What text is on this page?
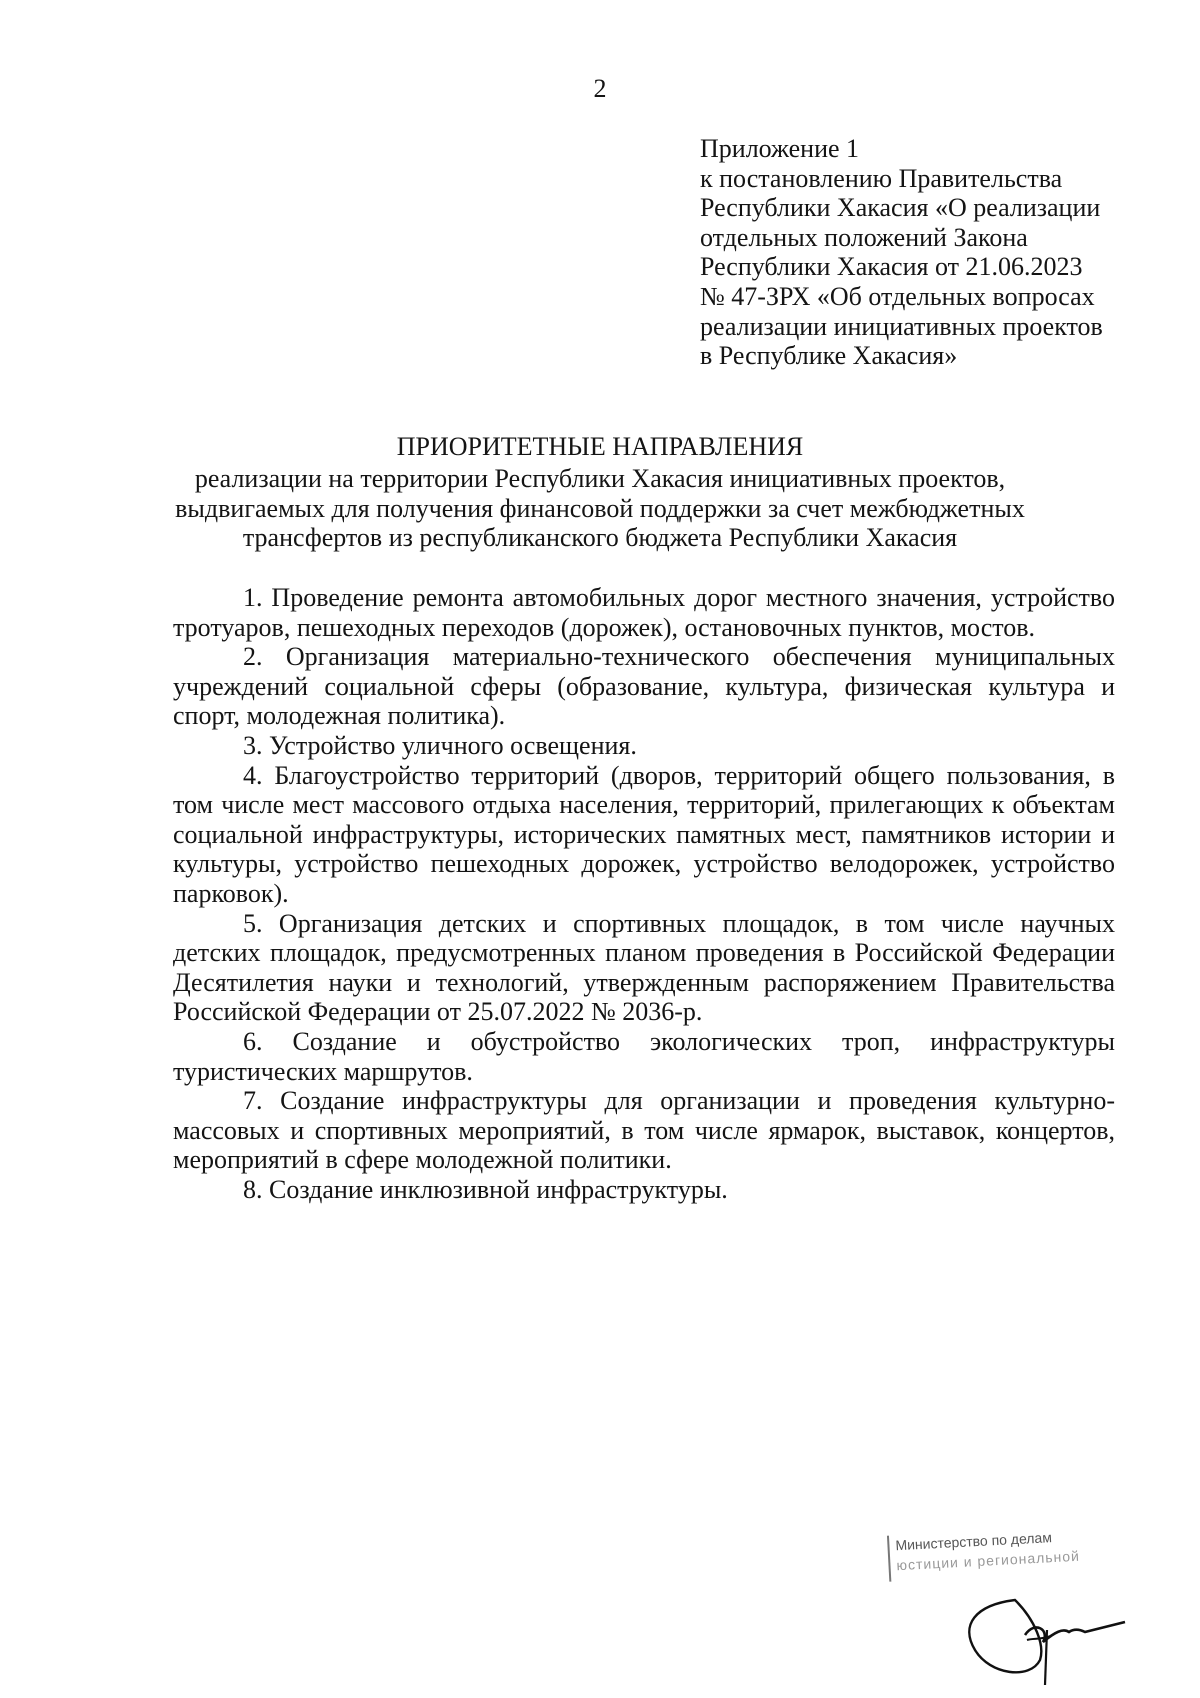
2
Приложение 1
к постановлению Правительства
Республики Хакасия «О реализации
отдельных положений Закона
Республики Хакасия от 21.06.2023
№ 47-ЗРХ «Об отдельных вопросах
реализации инициативных проектов
в Республике Хакасия»
ПРИОРИТЕТНЫЕ НАПРАВЛЕНИЯ
реализации на территории Республики Хакасия инициативных проектов,
выдвигаемых для получения финансовой поддержки за счет межбюджетных
трансфертов из республиканского бюджета Республики Хакасия

1. Проведение ремонта автомобильных дорог местного значения, устройство тротуаров, пешеходных переходов (дорожек), остановочных пунктов, мостов.

2. Организация материально-технического обеспечения муниципальных учреждений социальной сферы (образование, культура, физическая культура и спорт, молодежная политика).

3. Устройство уличного освещения.

4. Благоустройство территорий (дворов, территорий общего пользования, в том числе мест массового отдыха населения, территорий, прилегающих к объектам социальной инфраструктуры, исторических памятных мест, памятников истории и культуры, устройство пешеходных дорожек, устройство велодорожек, устройство парковок).

5. Организация детских и спортивных площадок, в том числе научных детских площадок, предусмотренных планом проведения в Российской Федерации Десятилетия науки и технологий, утвержденным распоряжением Правительства Российской Федерации от 25.07.2022 № 2036-р.

6. Создание и обустройство экологических троп, инфраструктуры туристических маршрутов.

7. Создание инфраструктуры для организации и проведения культурно-массовых и спортивных мероприятий, в том числе ярмарок, выставок, концертов, мероприятий в сфере молодежной политики.

8. Создание инклюзивной инфраструктуры.

Министерство по делам
юстиции и региональной
